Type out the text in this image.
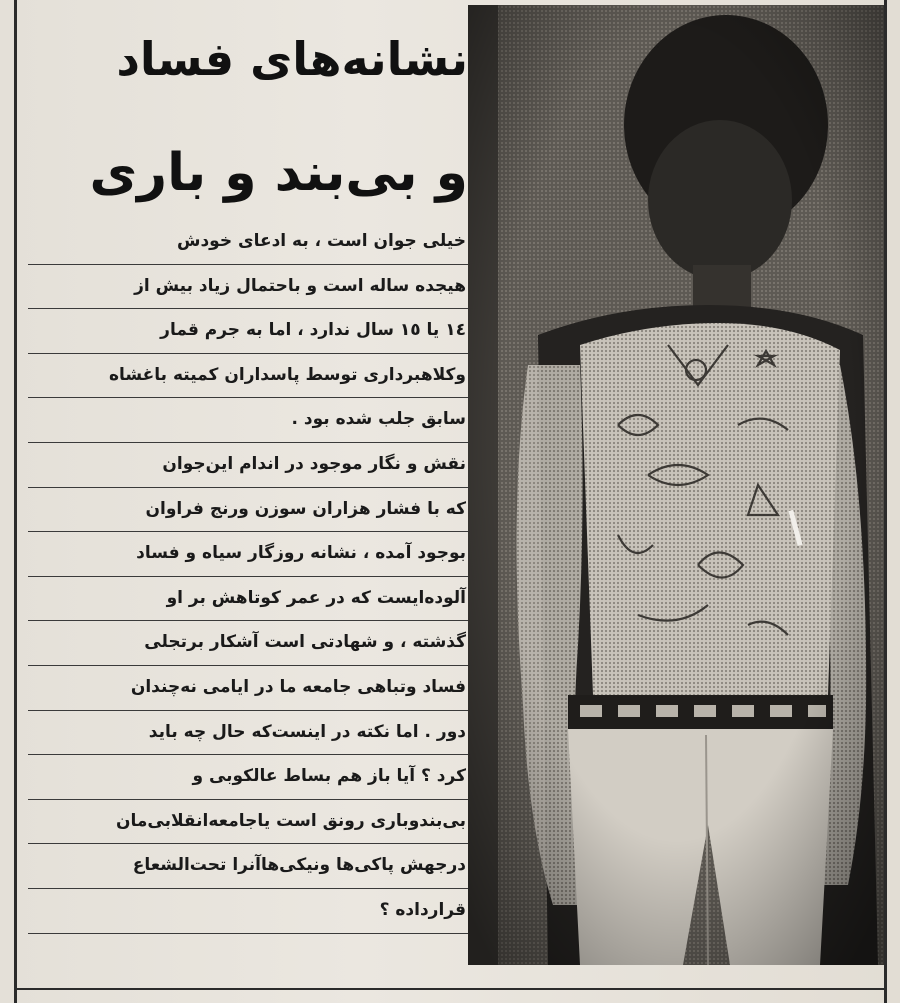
نشانه‌های فساد
و بی‌بند و باری
خیلی جوان است ، به ادعای خودش
هیجده ساله است و باحتمال زیاد بیش از
١٤ یا ١٥ سال ندارد ، اما به جرم قمار
وکلاهبرداری توسط پاسداران کمیته باغشاه
سابق جلب شده بود .
نقش و نگار موجود در اندام این‌جوان
که با فشار هزاران سوزن ورنج فراوان
بوجود آمده ، نشانه روزگار سیاه و فساد
آلوده‌ایست که در عمر کوتاهش بر او
گذشته ، و شهادتی است آشکار برتجلی
فساد وتباهی جامعه ما در ایامی نه‌چندان
دور . اما نکته در اینست‌که حال چه باید
کرد ؟ آیا باز هم بساط عالکوبی و
بی‌بندوباری رونق است یاجامعه‌انقلابی‌ما‌ن
درجهش پاکی‌ها ونیکی‌هاآنرا تحت‌الشعاع
قرارداده ؟
